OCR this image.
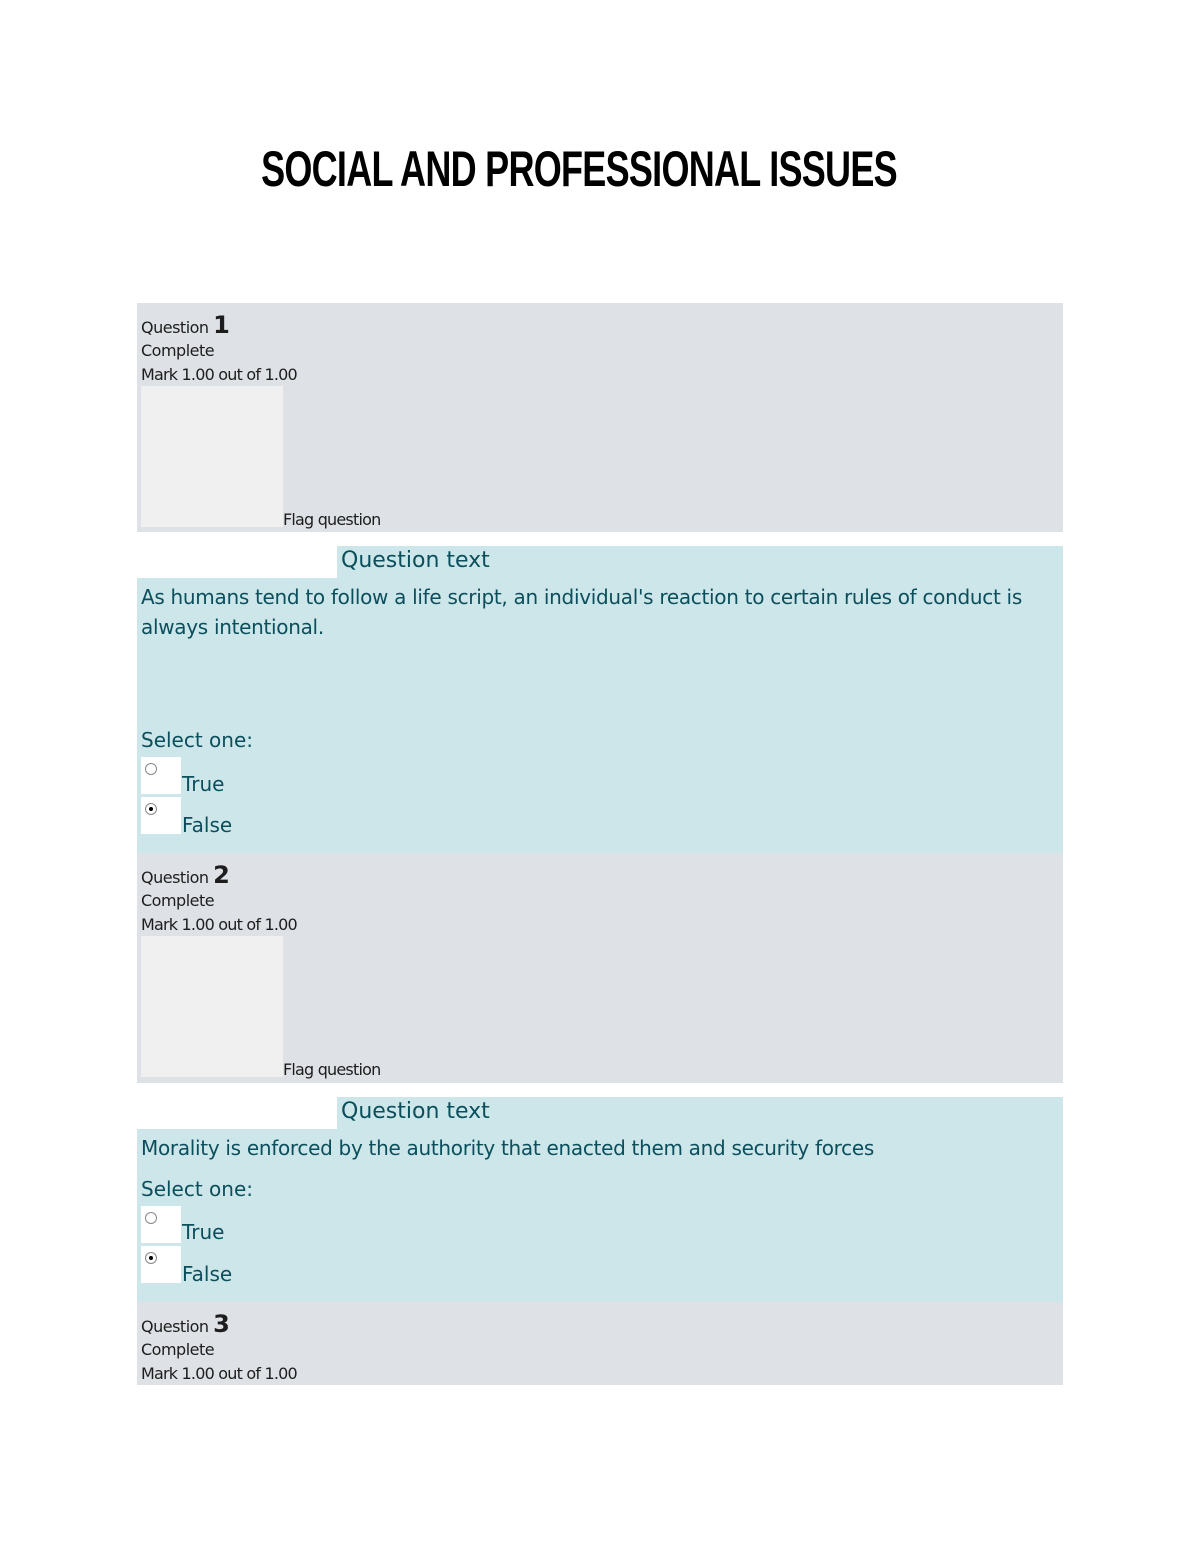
SOCIAL AND PROFESSIONAL ISSUES
Question 1
Complete
Mark 1.00 out of 1.00
Flag question
Question text
As humans tend to follow a life script, an individual's reaction to certain rules of conduct is always intentional.
Select one:
True
False
Question 2
Complete
Mark 1.00 out of 1.00
Flag question
Question text
Morality is enforced by the authority that enacted them and security forces
Select one:
True
False
Question 3
Complete
Mark 1.00 out of 1.00
